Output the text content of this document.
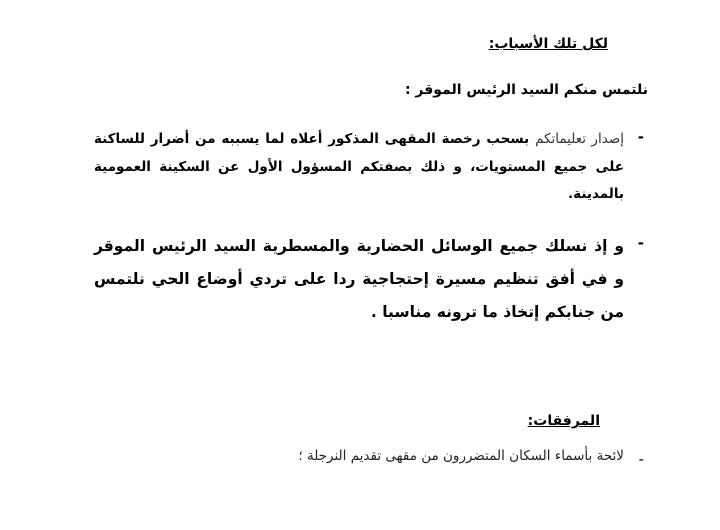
لكل تلك الأسباب:

نلتمس منكم السيد الرئيس الموقر :

-

إصدار تعليماتكم بسحب رخصة المقهى المذكور أعلاه لما يسببه من أضرار للساكنة على جميع المستويات، و ذلك بصفتكم المسؤول الأول عن السكينة العمومية بالمدينة.

-

و إذ نسلك جميع الوسائل الحضارية والمسطرية السيد الرئيس الموقر و في أفق تنظيم مسيرة إحتجاجية ردا على تردي أوضاع الحي نلتمس من جنابكم إتخاذ ما ترونه مناسبا .

المرفقات:

-

لائحة بأسماء السكان المتضررون من مقهى تقديم النرجلة ؛
